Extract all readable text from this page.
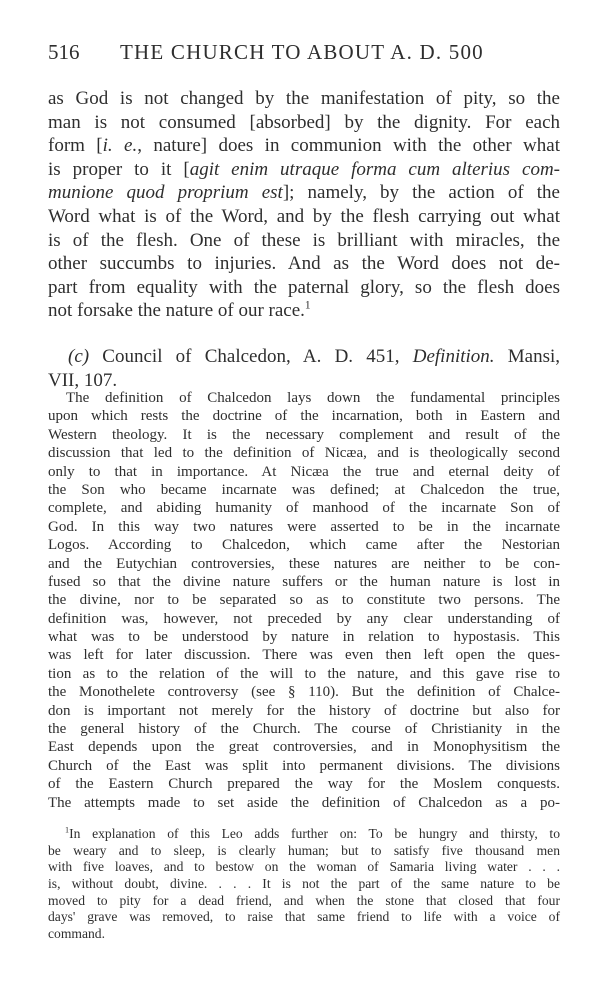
516 THE CHURCH TO ABOUT A. D. 500
as God is not changed by the manifestation of pity, so the
man is not consumed [absorbed] by the dignity. For each
form [i. e., nature] does in communion with the other what
is proper to it [agit enim utraque forma cum alterius com-
munione quod proprium est]; namely, by the action of the
Word what is of the Word, and by the flesh carrying out what
is of the flesh. One of these is brilliant with miracles, the
other succumbs to injuries. And as the Word does not de-
part from equality with the paternal glory, so the flesh does
not forsake the nature of our race.$^1$
(c) Council of Chalcedon, A. D. 451, Definition. Mansi,
VII, 107.
The definition of Chalcedon lays down the fundamental principles
upon which rests the doctrine of the incarnation, both in Eastern and
Western theology. It is the necessary complement and result of the
discussion that led to the definition of Nicæa, and is theologically second
only to that in importance. At Nicæa the true and eternal deity of
the Son who became incarnate was defined; at Chalcedon the true,
complete, and abiding humanity of manhood of the incarnate Son of
God. In this way two natures were asserted to be in the incarnate
Logos. According to Chalcedon, which came after the Nestorian
and the Eutychian controversies, these natures are neither to be con-
fused so that the divine nature suffers or the human nature is lost in
the divine, nor to be separated so as to constitute two persons. The
definition was, however, not preceded by any clear understanding of
what was to be understood by nature in relation to hypostasis. This
was left for later discussion. There was even then left open the ques-
tion as to the relation of the will to the nature, and this gave rise to
the Monothelete controversy (see § 110). But the definition of Chalce-
don is important not merely for the history of doctrine but also for
the general history of the Church. The course of Christianity in the
East depends upon the great controversies, and in Monophysitism the
Church of the East was split into permanent divisions. The divisions
of the Eastern Church prepared the way for the Moslem conquests.
The attempts made to set aside the definition of Chalcedon as a po-
$^1$In explanation of this Leo adds further on: To be hungry and thirsty, to
be weary and to sleep, is clearly human; but to satisfy five thousand men
with five loaves, and to bestow on the woman of Samaria living water . . .
is, without doubt, divine. . . . It is not the part of the same nature to be
moved to pity for a dead friend, and when the stone that closed that four
days' grave was removed, to raise that same friend to life with a voice of
command.
